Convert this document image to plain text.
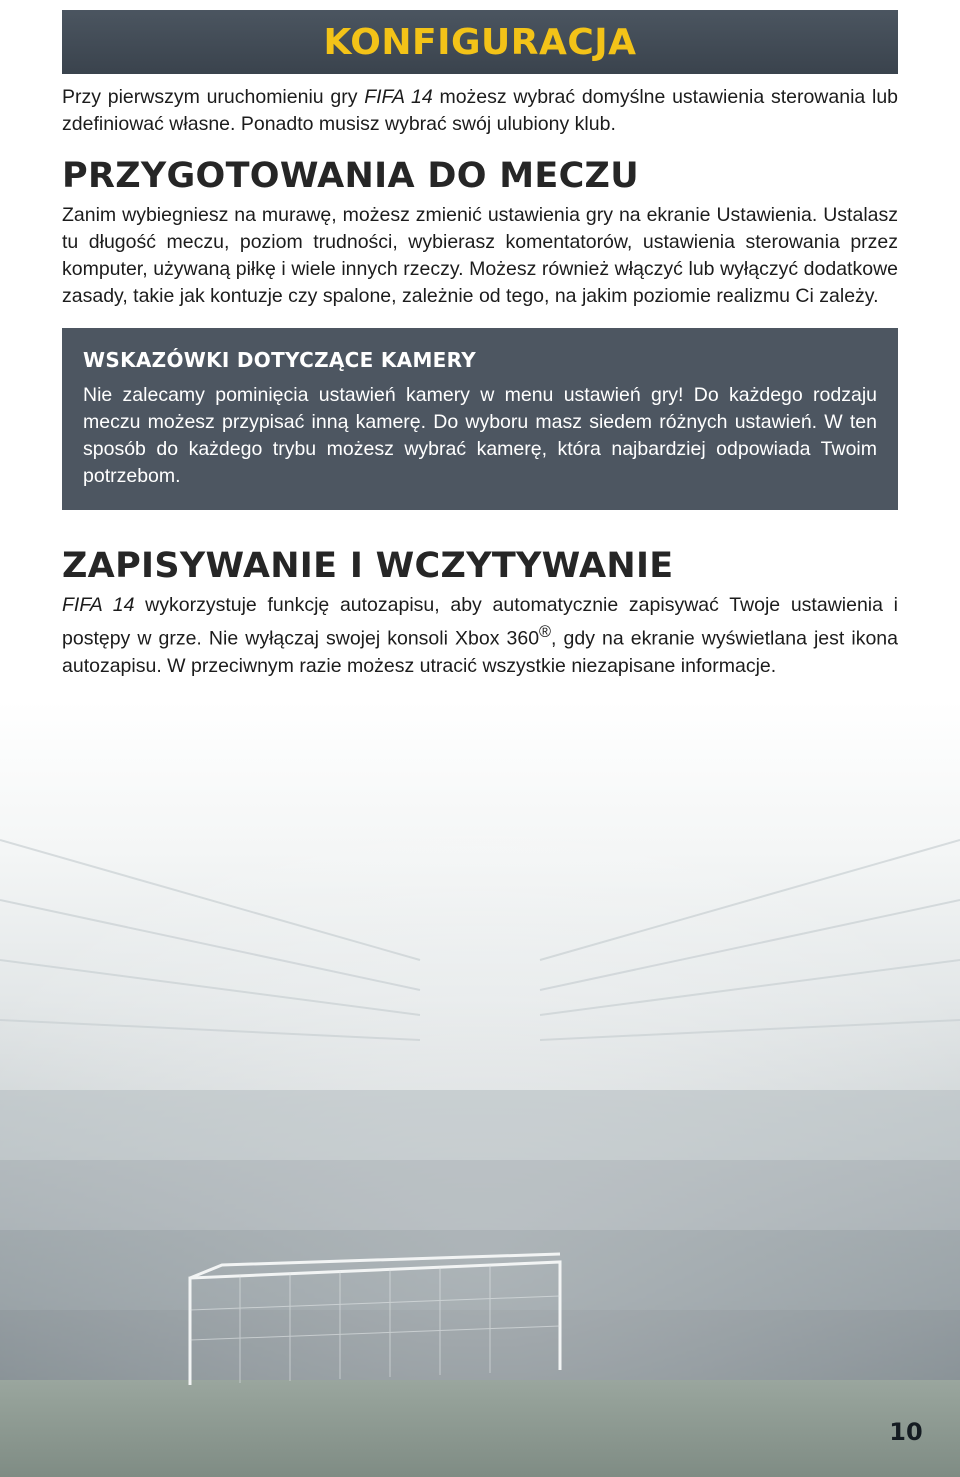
KONFIGURACJA

Przy pierwszym uruchomieniu gry FIFA 14 możesz wybrać domyślne ustawienia sterowania lub zdefiniować własne. Ponadto musisz wybrać swój ulubiony klub.

PRZYGOTOWANIA DO MECZU

Zanim wybiegniesz na murawę, możesz zmienić ustawienia gry na ekranie Ustawienia. Ustalasz tu długość meczu, poziom trudności, wybierasz komentatorów, ustawienia sterowania przez komputer, używaną piłkę i wiele innych rzeczy. Możesz również włączyć lub wyłączyć dodatkowe zasady, takie jak kontuzje czy spalone, zależnie od tego, na jakim poziomie realizmu Ci zależy.

WSKAZÓWKI DOTYCZĄCE KAMERY

Nie zalecamy pominięcia ustawień kamery w menu ustawień gry! Do każdego rodzaju meczu możesz przypisać inną kamerę. Do wyboru masz siedem różnych ustawień. W ten sposób do każdego trybu możesz wybrać kamerę, która najbardziej odpowiada Twoim potrzebom.

ZAPISYWANIE I WCZYTYWANIE

FIFA 14 wykorzystuje funkcję autozapisu, aby automatycznie zapisywać Twoje ustawienia i postępy w grze. Nie wyłączaj swojej konsoli Xbox 360®, gdy na ekranie wyświetlana jest ikona autozapisu. W przeciwnym razie możesz utracić wszystkie niezapisane informacje.

10
